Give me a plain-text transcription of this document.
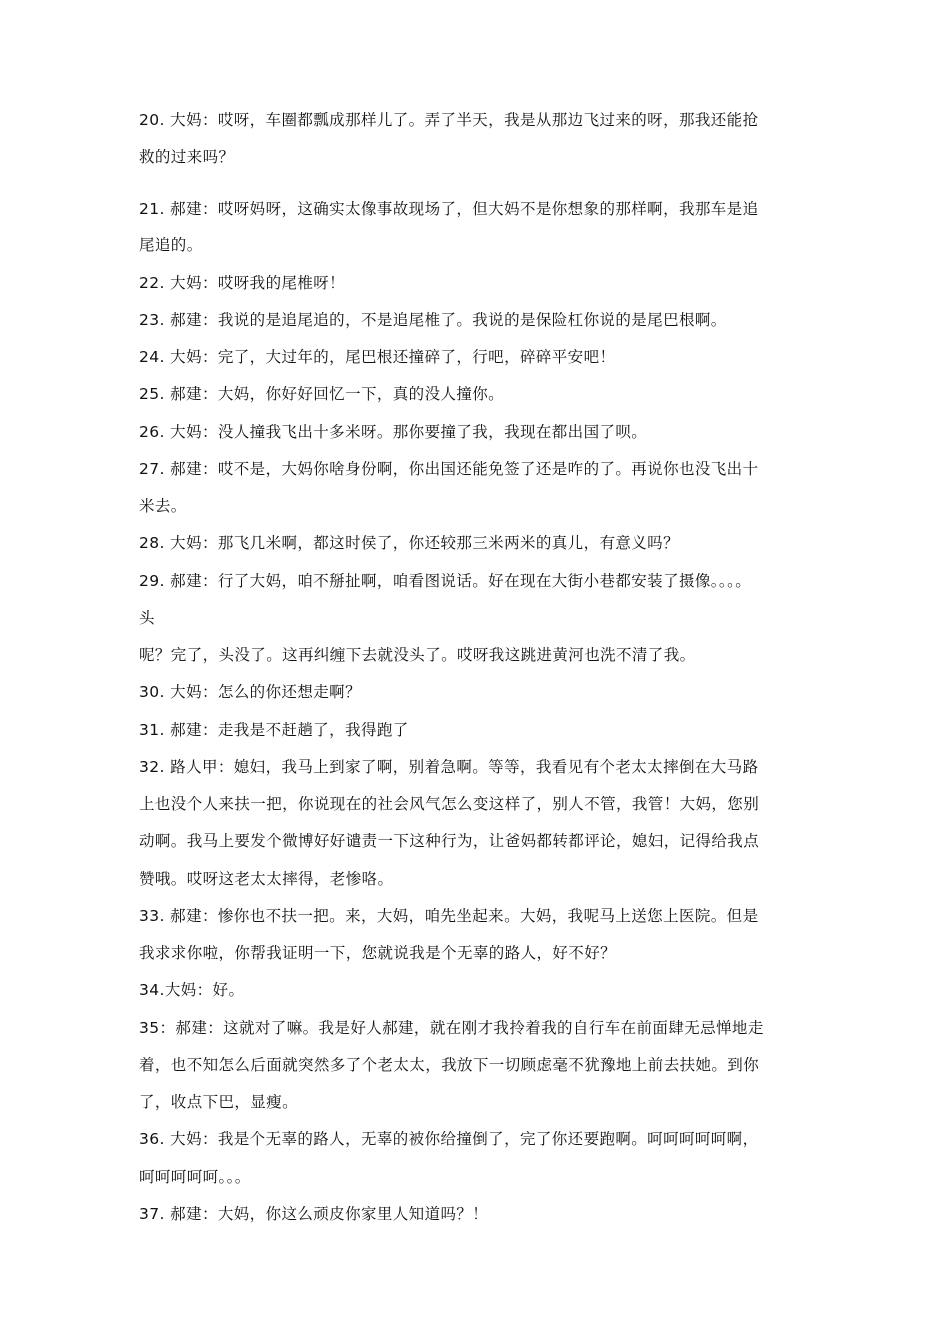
20. 大妈：哎呀，车圈都瓢成那样儿了。弄了半天，我是从那边飞过来的呀，那我还能抢
救的过来吗？
21. 郝建：哎呀妈呀，这确实太像事故现场了，但大妈不是你想象的那样啊，我那车是追
尾追的。
22. 大妈：哎呀我的尾椎呀！
23. 郝建：我说的是追尾追的，不是追尾椎了。我说的是保险杠你说的是尾巴根啊。
24. 大妈：完了，大过年的，尾巴根还撞碎了，行吧，碎碎平安吧！
25. 郝建：大妈，你好好回忆一下，真的没人撞你。
26. 大妈：没人撞我飞出十多米呀。那你要撞了我，我现在都出国了呗。
27. 郝建：哎不是，大妈你啥身份啊，你出国还能免签了还是咋的了。再说你也没飞出十
米去。
28. 大妈：那飞几米啊，都这时侯了，你还较那三米两米的真儿，有意义吗？
29. 郝建：行了大妈，咱不掰扯啊，咱看图说话。好在现在大街小巷都安装了摄像。。。。
头
呢？完了，头没了。这再纠缠下去就没头了。哎呀我这跳进黄河也洗不清了我。
30. 大妈：怎么的你还想走啊？
31. 郝建：走我是不赶趟了，我得跑了
32. 路人甲：媳妇，我马上到家了啊，别着急啊。等等，我看见有个老太太摔倒在大马路
上也没个人来扶一把，你说现在的社会风气怎么变这样了，别人不管，我管！大妈，您别
动啊。我马上要发个微博好好谴责一下这种行为，让爸妈都转都评论，媳妇，记得给我点
赞哦。哎呀这老太太摔得，老惨咯。
33. 郝建：惨你也不扶一把。来，大妈，咱先坐起来。大妈，我呢马上送您上医院。但是
我求求你啦，你帮我证明一下，您就说我是个无辜的路人，好不好？
34.大妈：好。
35：郝建：这就对了嘛。我是好人郝建，就在刚才我拎着我的自行车在前面肆无忌惮地走
着，也不知怎么后面就突然多了个老太太，我放下一切顾虑毫不犹豫地上前去扶她。到你
了，收点下巴，显瘦。
36. 大妈：我是个无辜的路人，无辜的被你给撞倒了，完了你还要跑啊。呵呵呵呵呵啊，
呵呵呵呵呵。。。
37. 郝建：大妈，你这么顽皮你家里人知道吗？！
